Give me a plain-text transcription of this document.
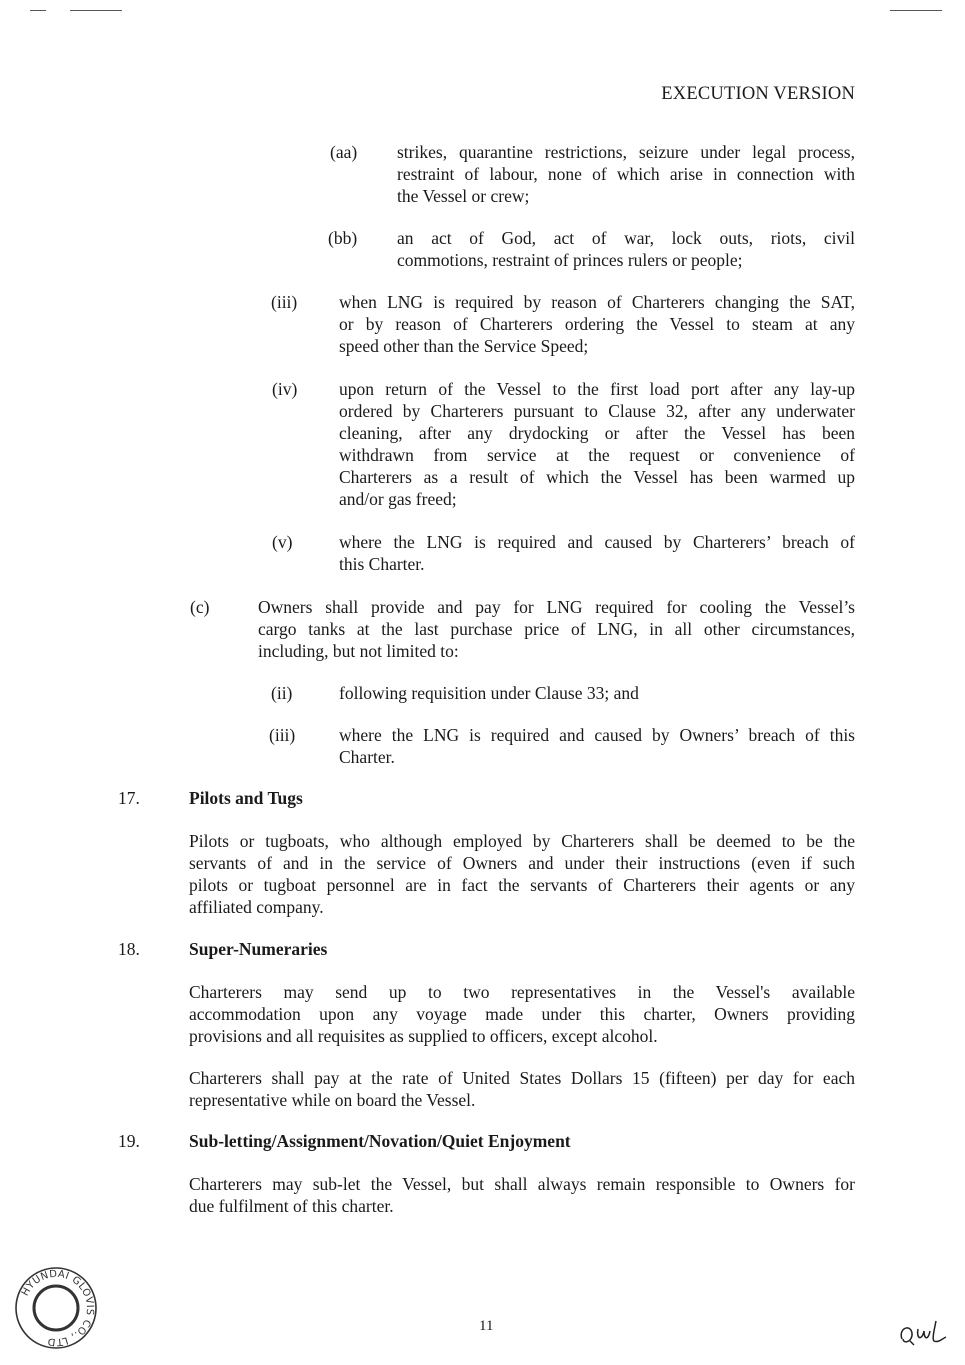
EXECUTION VERSION
(aa) strikes, quarantine restrictions, seizure under legal process,
restraint of labour, none of which arise in connection with
the Vessel or crew;
(bb) an act of God, act of war, lock outs, riots, civil
commotions, restraint of princes rulers or people;
(iii) when LNG is required by reason of Charterers changing the SAT,
or by reason of Charterers ordering the Vessel to steam at any
speed other than the Service Speed;
(iv) upon return of the Vessel to the first load port after any lay-up
ordered by Charterers pursuant to Clause 32, after any underwater
cleaning, after any drydocking or after the Vessel has been
withdrawn from service at the request or convenience of
Charterers as a result of which the Vessel has been warmed up
and/or gas freed;
(v)	where the LNG is required and caused by Charterers’ breach of
this Charter.
(c)	Owners shall provide and pay for LNG required for cooling the Vessel’s
cargo tanks at the last purchase price of LNG, in all other circumstances,
including, but not limited to:
(ii)	following requisition under Clause 33; and
(iii)	where the LNG is required and caused by Owners’ breach of this
Charter.
17.	Pilots and Tugs
Pilots or tugboats, who although employed by Charterers shall be deemed to be the
servants of and in the service of Owners and under their instructions (even if such
pilots or tugboat personnel are in fact the servants of Charterers their agents or any
affiliated company.
18.	Super-Numeraries
Charterers may send up to two representatives in the Vessel's available
accommodation upon any voyage made under this charter, Owners providing
provisions and all requisites as supplied to officers, except alcohol.
Charterers shall pay at the rate of United States Dollars 15 (fifteen) per day for each
representative while on board the Vessel.
19.	Sub-letting/Assignment/Novation/Quiet Enjoyment
Charterers may sub-let the Vessel, but shall always remain responsible to Owners for
due fulfilment of this charter.
HYUNDAI GLOVIS CO., LTD
11
